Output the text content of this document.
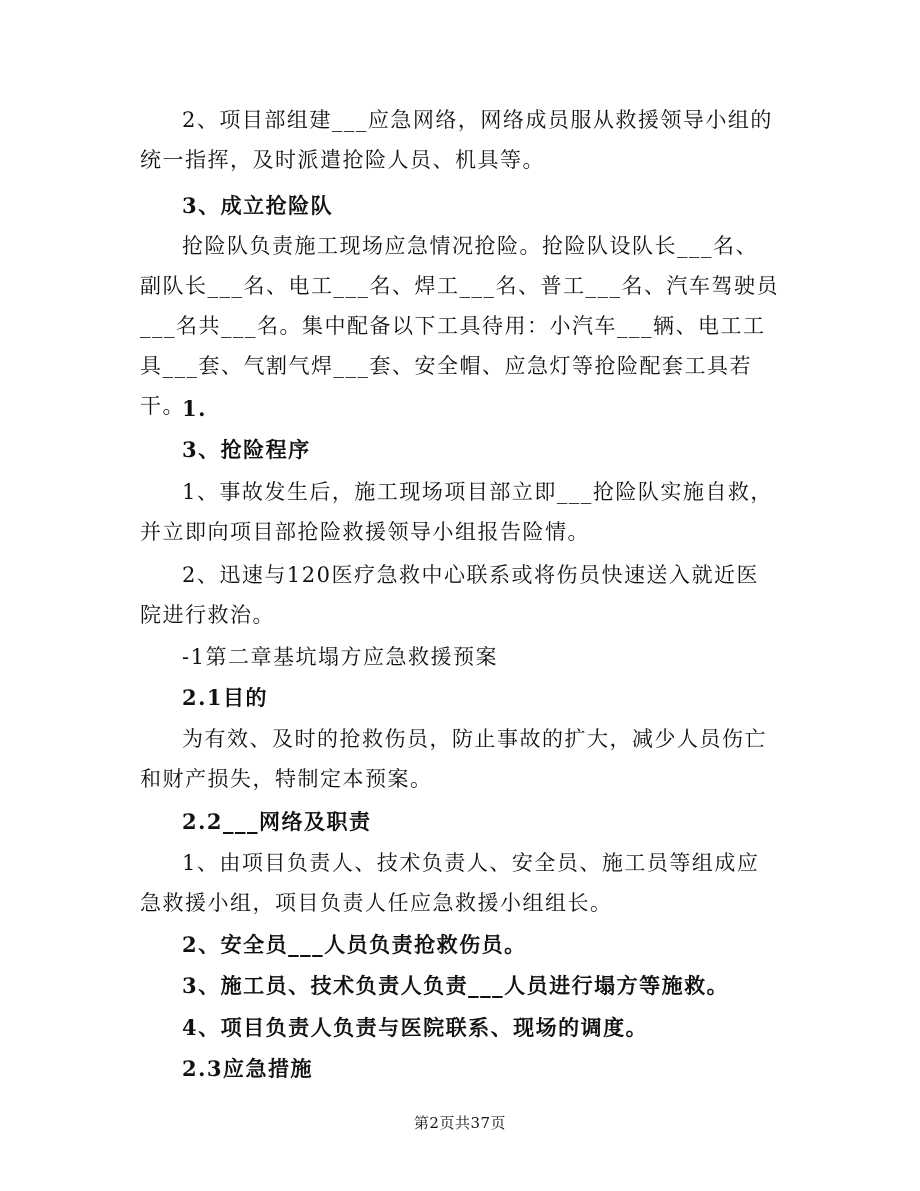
2、项目部组建___应急网络，网络成员服从救援领导小组的统一指挥，及时派遣抢险人员、机具等。

3、成立抢险队

抢险队负责施工现场应急情况抢险。抢险队设队长___名、副队长___名、电工___名、焊工___名、普工___名、汽车驾驶员___名共___名。集中配备以下工具待用：小汽车___辆、电工工具___套、气割气焊___套、安全帽、应急灯等抢险配套工具若干。

1.

3、抢险程序

1、事故发生后，施工现场项目部立即___抢险队实施自救，并立即向项目部抢险救援领导小组报告险情。

2、迅速与120医疗急救中心联系或将伤员快速送入就近医院进行救治。

-1第二章基坑塌方应急救援预案

2.1目的

为有效、及时的抢救伤员，防止事故的扩大，减少人员伤亡和财产损失，特制定本预案。

2.2___网络及职责

1、由项目负责人、技术负责人、安全员、施工员等组成应急救援小组，项目负责人任应急救援小组组长。

2、安全员___人员负责抢救伤员。

3、施工员、技术负责人负责___人员进行塌方等施救。

4、项目负责人负责与医院联系、现场的调度。

2.3应急措施

第2页共37页
